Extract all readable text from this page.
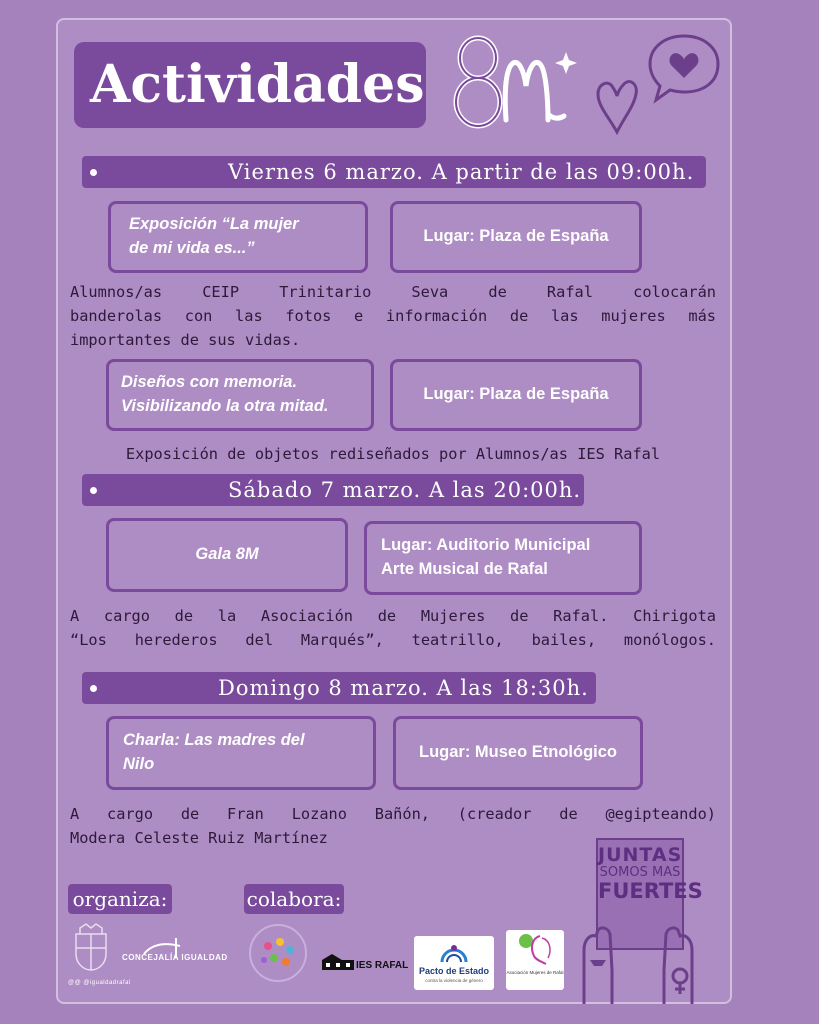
Actividades
Viernes 6 marzo. A partir de las 09:00h.
Exposición “La mujer
de mi vida es...”
Lugar: Plaza de España
Alumnos/as CEIP Trinitario Seva de Rafal colocarán
banderolas con las fotos e información de las mujeres más
importantes de sus vidas.
Diseños con memoria.
Visibilizando la otra mitad.
Lugar: Plaza de España
Exposición de objetos rediseñados por Alumnos/as IES Rafal
Sábado 7 marzo. A las 20:00h.
Gala 8M	Lugar: Auditorio Municipal
Arte Musical de Rafal
A cargo de la Asociación de Mujeres de Rafal. Chirigota
“Los herederos del Marqués”, teatrillo, bailes, monólogos.
Domingo 8 marzo. A las 18:30h.
Charla: Las madres del
Nilo
Lugar: Museo Etnológico
A cargo de Fran Lozano Bañón, (creador de @egipteando)
Modera Celeste Ruiz Martínez
JUNTAS
SOMOS MAS
FUERTES
organiza:	colabora:
@@ @igualdadrafal
CONCEJALÍA IGUALDAD
IES RAFAL	Pacto de Estado
contra la violencia de género
Asociación Mujeres de Rafal
